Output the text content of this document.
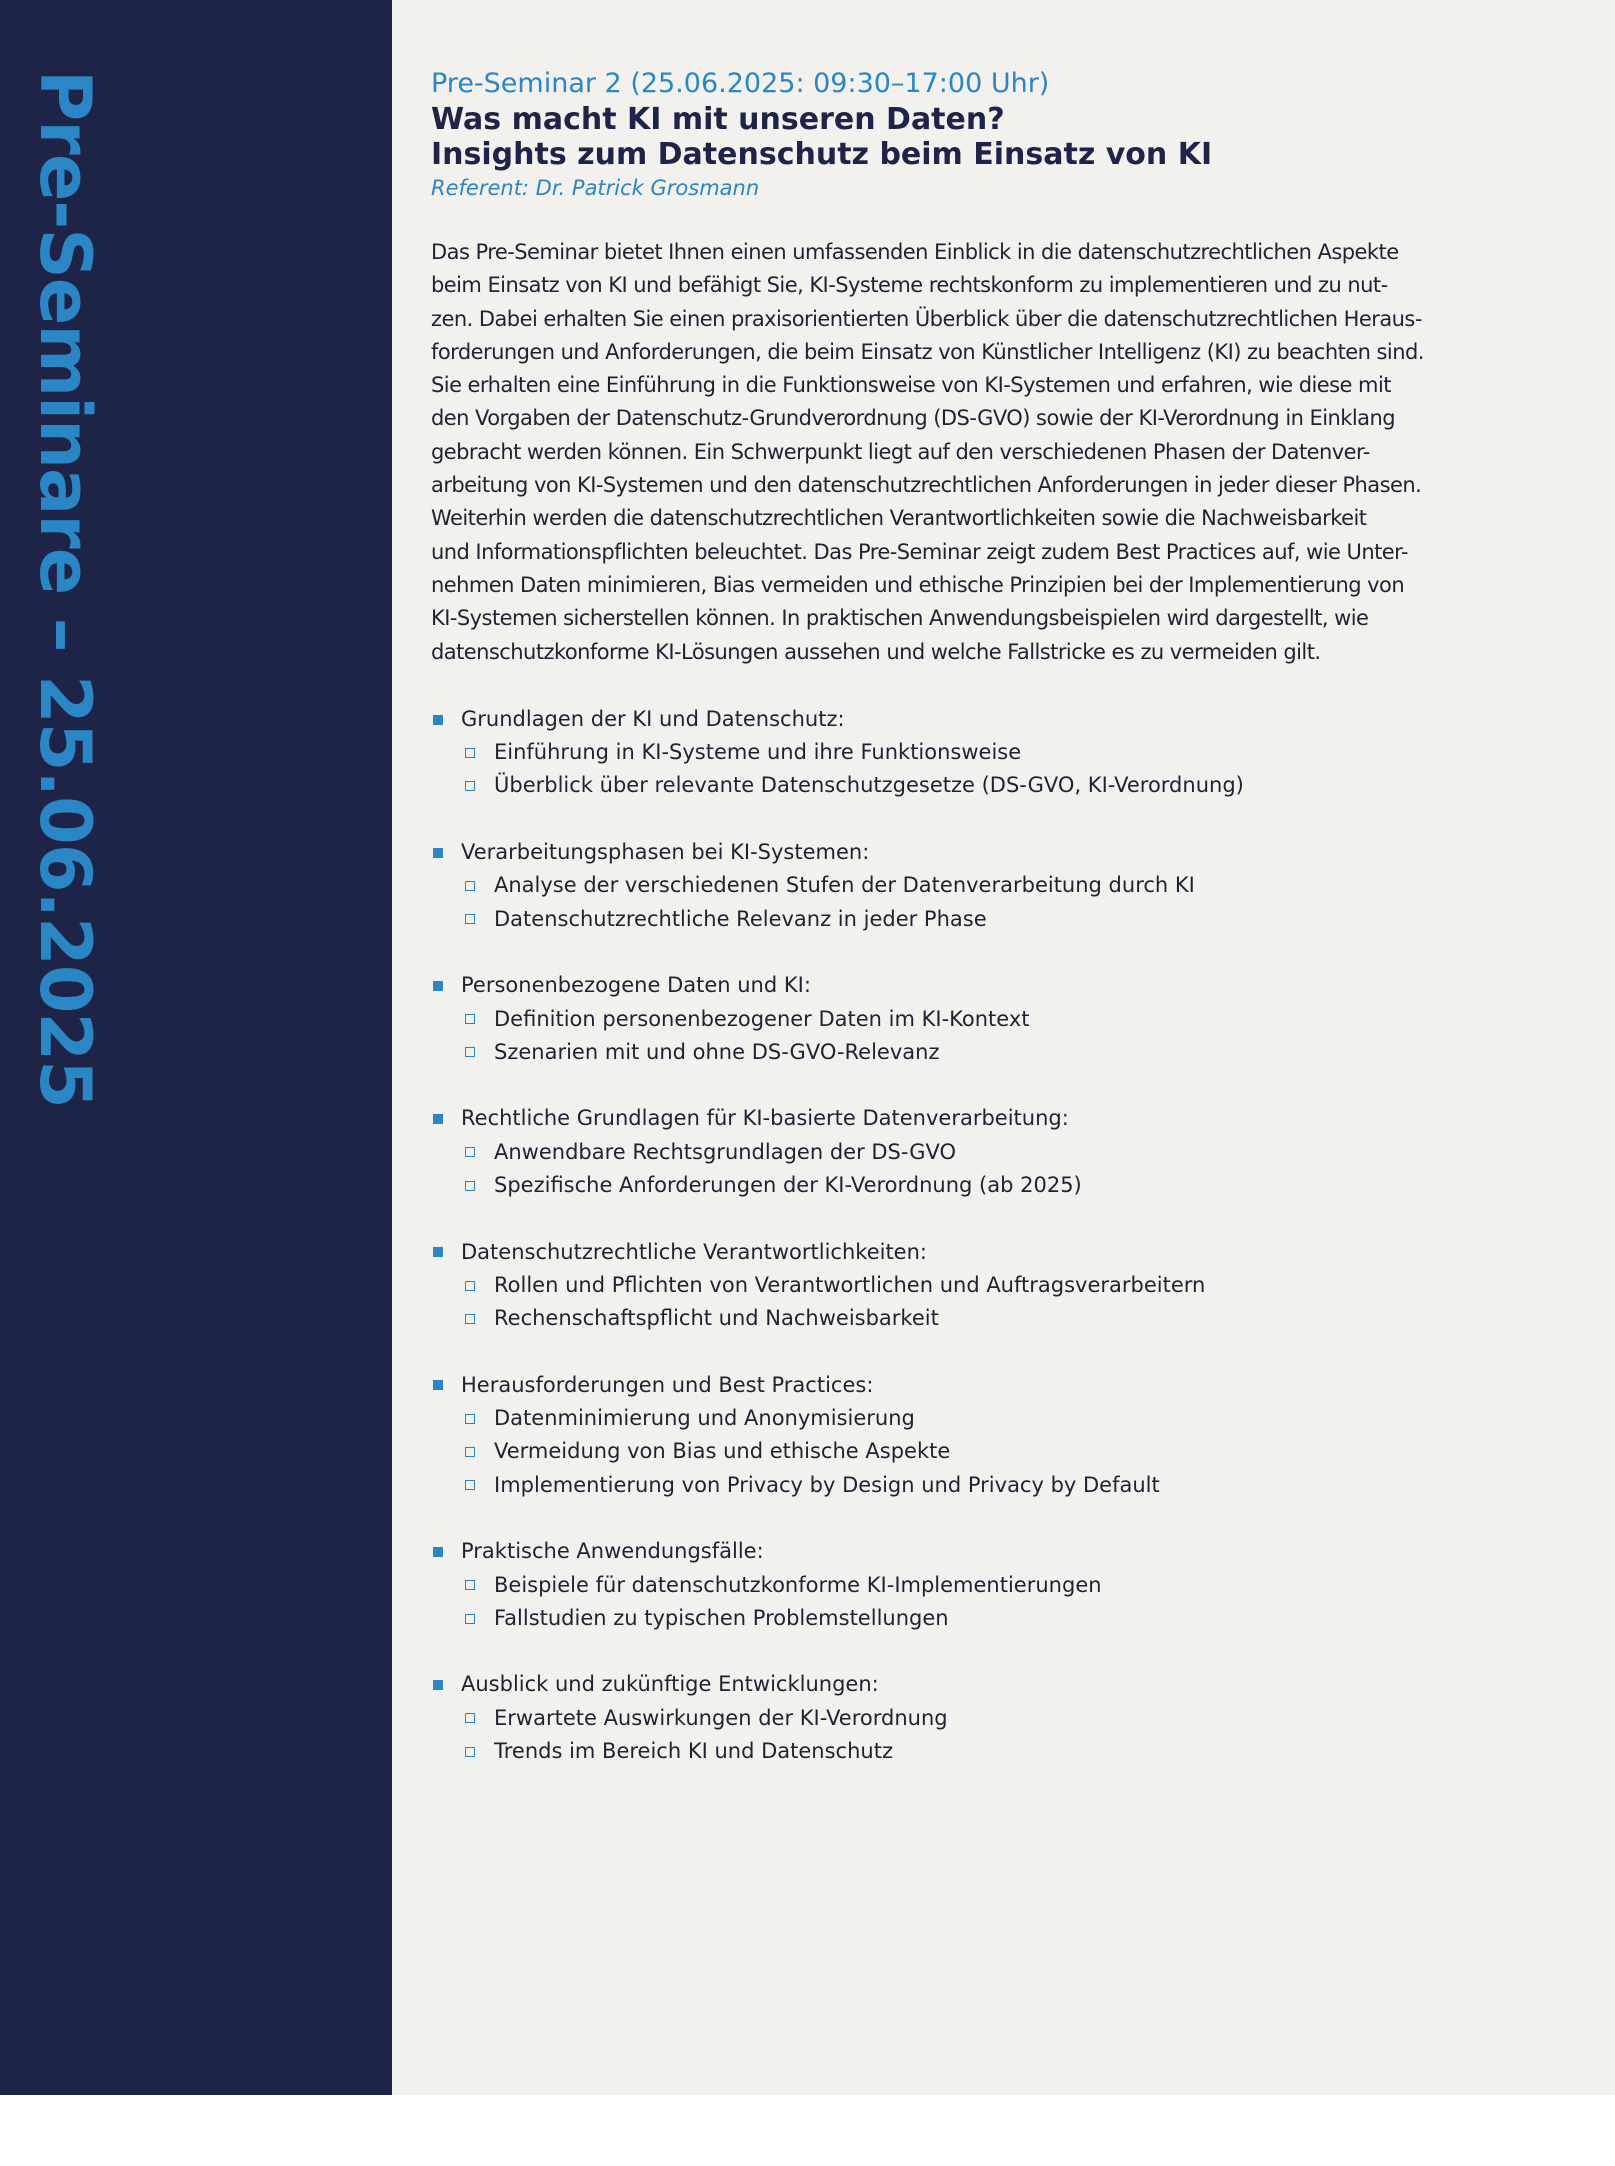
Pre-Seminare – 25.06.2025	Pre-Seminar 2 (25.06.2025: 09:30–17:00 Uhr)

Was macht KI mit unseren Daten?

Insights zum Datenschutz beim Einsatz von KI

Referent: Dr. Patrick Grosmann

Das Pre-Seminar bietet Ihnen einen umfassenden Einblick in die datenschutzrechtlichen Aspekte
beim Einsatz von KI und befähigt Sie, KI-Systeme rechtskonform zu implementieren und zu nut-
zen. Dabei erhalten Sie einen praxisorientierten Überblick über die datenschutzrechtlichen Heraus-
forderungen und Anforderungen, die beim Einsatz von Künstlicher Intelligenz (KI) zu beachten sind.
Sie erhalten eine Einführung in die Funktionsweise von KI-Systemen und erfahren, wie diese mit
den Vorgaben der Datenschutz-Grundverordnung (DS-GVO) sowie der KI-Verordnung in Einklang
gebracht werden können. Ein Schwerpunkt liegt auf den verschiedenen Phasen der Datenver-
arbeitung von KI-Systemen und den datenschutzrechtlichen Anforderungen in jeder dieser Phasen.
Weiterhin werden die datenschutzrechtlichen Verantwortlichkeiten sowie die Nachweisbarkeit
und Informationspflichten beleuchtet. Das Pre-Seminar zeigt zudem Best Practices auf, wie Unter-
nehmen Daten minimieren, Bias vermeiden und ethische Prinzipien bei der Implementierung von
KI-Systemen sicherstellen können. In praktischen Anwendungsbeispielen wird dargestellt, wie
datenschutzkonforme KI-Lösungen aussehen und welche Fallstricke es zu vermeiden gilt.
Grundlagen der KI und Datenschutz:
Einführung in KI-Systeme und ihre Funktionsweise
Überblick über relevante Datenschutzgesetze (DS-GVO, KI-Verordnung)
Verarbeitungsphasen bei KI-Systemen:
Analyse der verschiedenen Stufen der Datenverarbeitung durch KI
Datenschutzrechtliche Relevanz in jeder Phase
Personenbezogene Daten und KI:
Definition personenbezogener Daten im KI-Kontext
Szenarien mit und ohne DS-GVO-Relevanz
Rechtliche Grundlagen für KI-basierte Datenverarbeitung:
Anwendbare Rechtsgrundlagen der DS-GVO
Spezifische Anforderungen der KI-Verordnung (ab 2025)
Datenschutzrechtliche Verantwortlichkeiten:
Rollen und Pflichten von Verantwortlichen und Auftragsverarbeitern
Rechenschaftspflicht und Nachweisbarkeit
Herausforderungen und Best Practices:
Datenminimierung und Anonymisierung
Vermeidung von Bias und ethische Aspekte
Implementierung von Privacy by Design und Privacy by Default
Praktische Anwendungsfälle:
Beispiele für datenschutzkonforme KI-Implementierungen
Fallstudien zu typischen Problemstellungen
Ausblick und zukünftige Entwicklungen:
Erwartete Auswirkungen der KI-Verordnung
Trends im Bereich KI und Datenschutz
